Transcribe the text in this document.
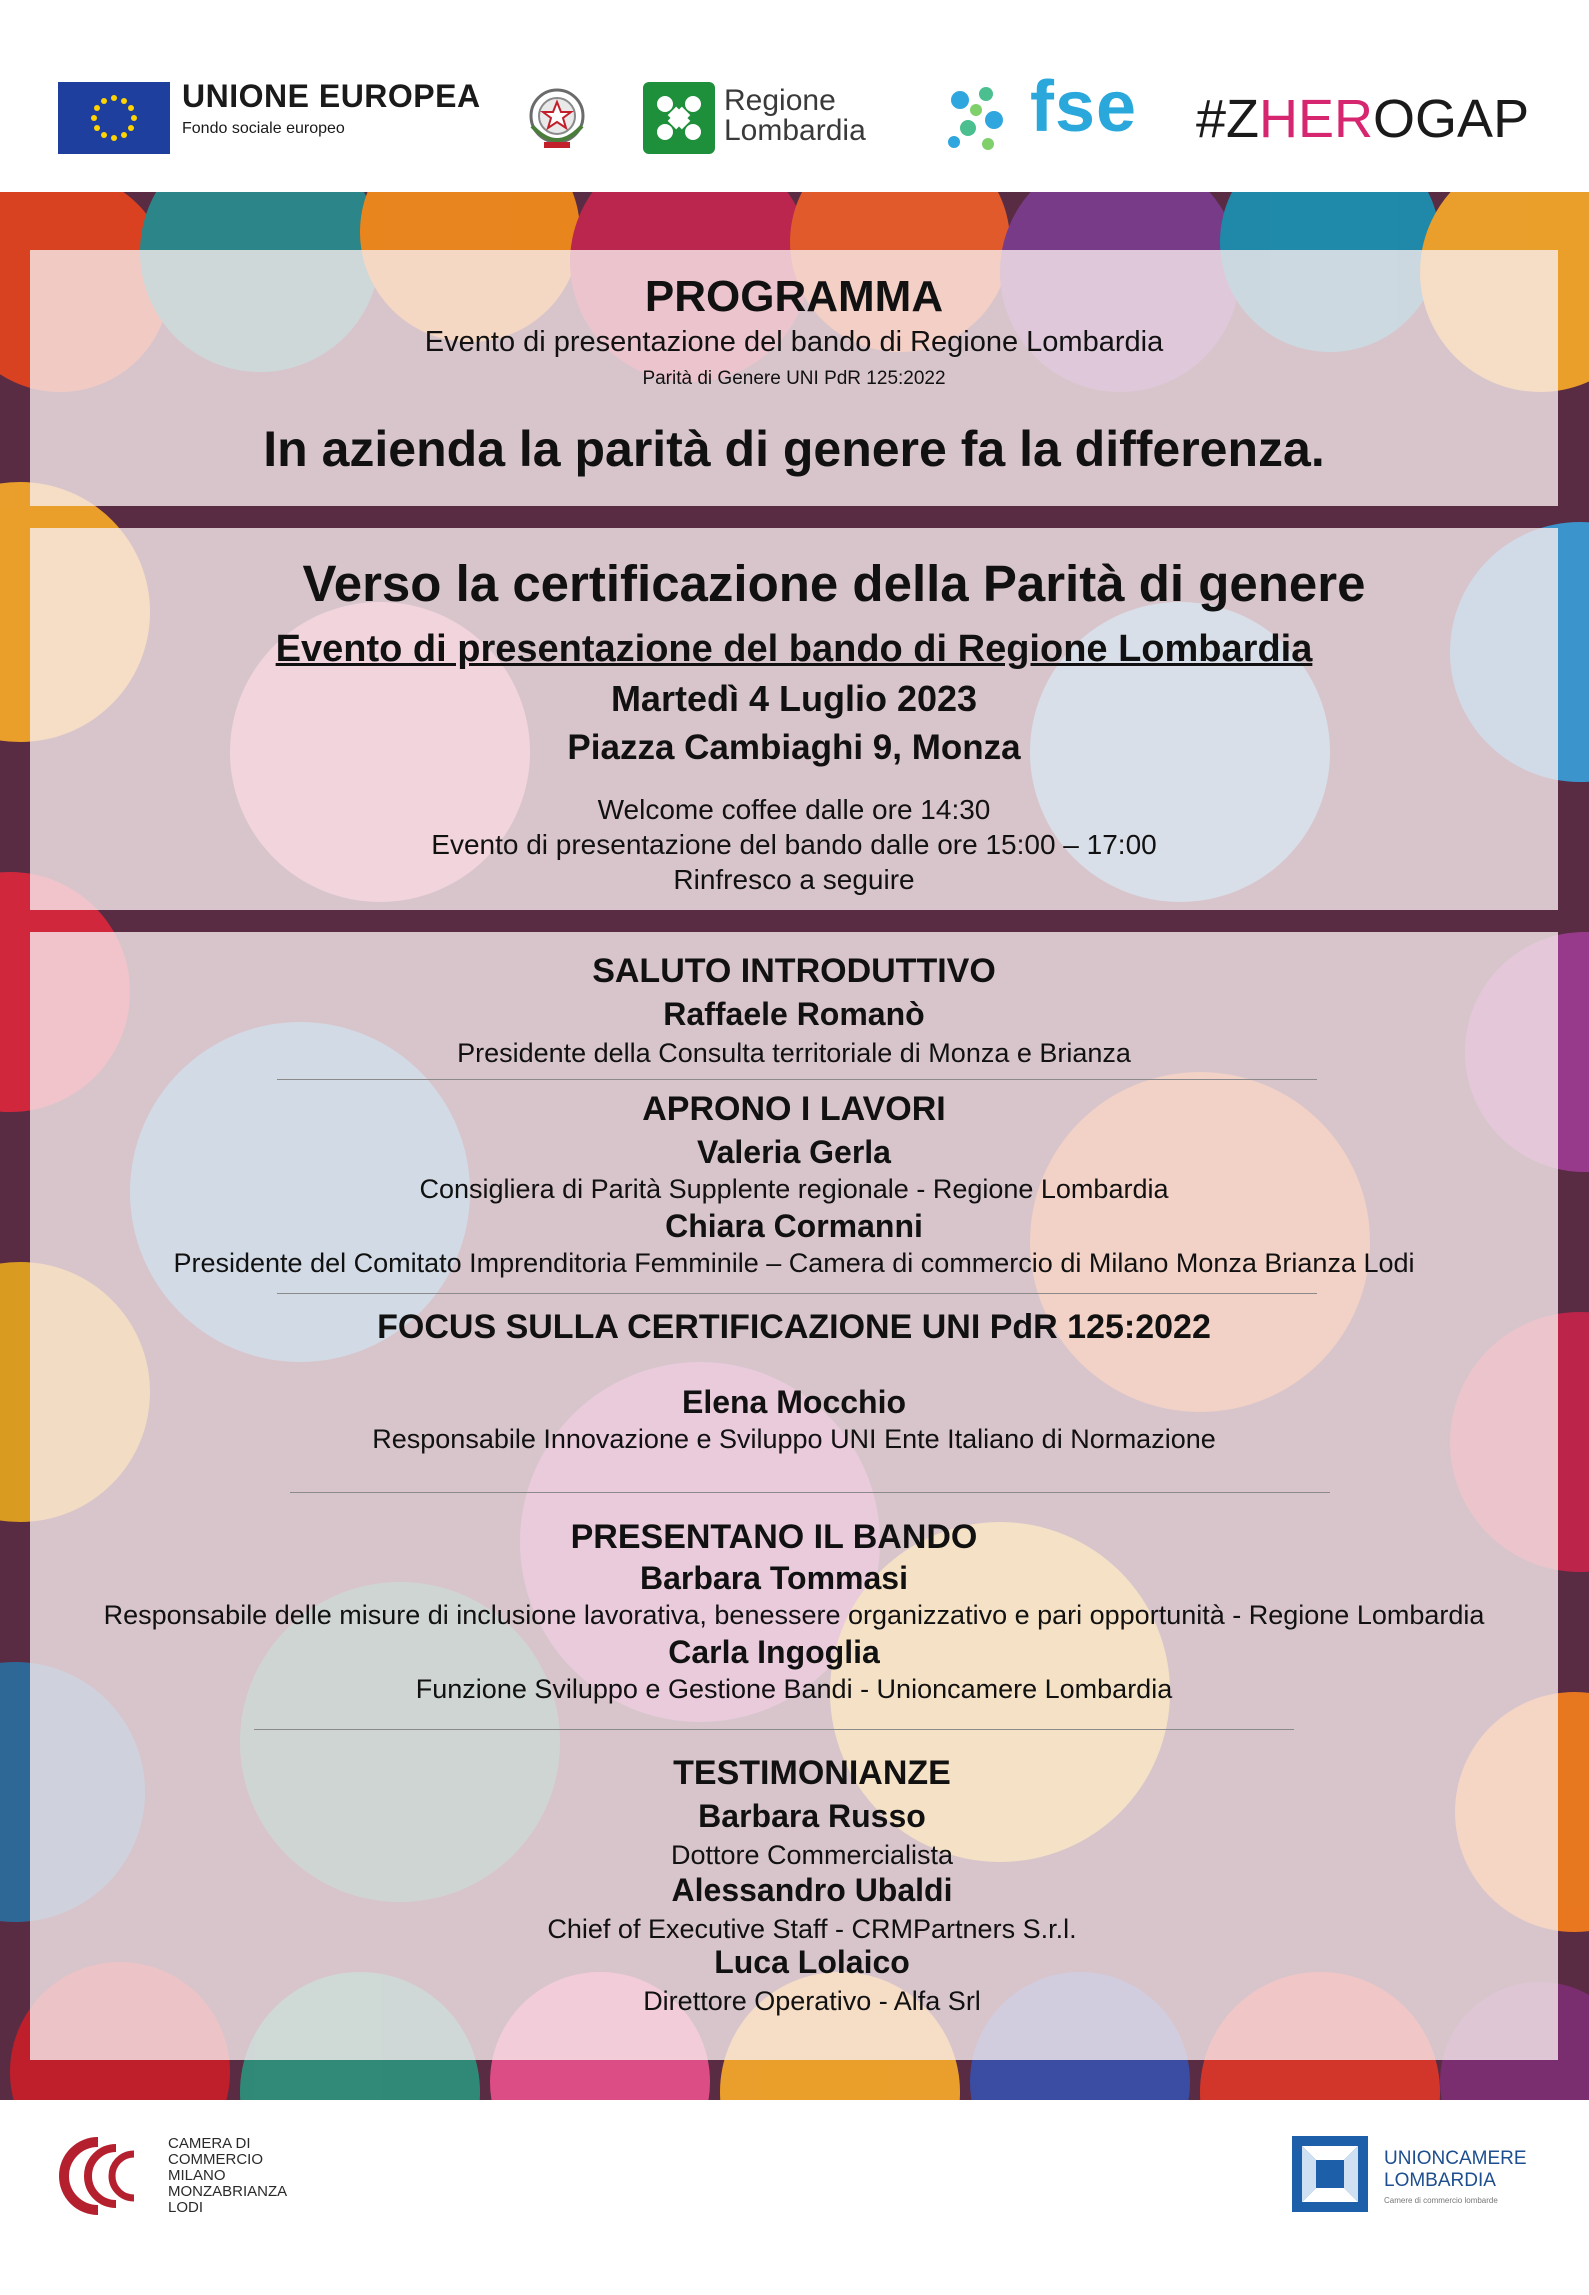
UNIONE EUROPEA
Fondo sociale europeo
Regione
Lombardia fse #ZHEROGAP
PROGRAMMA
Evento di presentazione del bando di Regione Lombardia
Parità di Genere UNI PdR 125:2022
In azienda la parità di genere fa la differenza.
Verso la certificazione della Parità di genere
Evento di presentazione del bando di Regione Lombardia
Martedì 4 Luglio 2023
Piazza Cambiaghi 9, Monza
Welcome coffee dalle ore 14:30
Evento di presentazione del bando dalle ore 15:00 – 17:00
Rinfresco a seguire
SALUTO INTRODUTTIVO
Raffaele Romanò
Presidente della Consulta territoriale di Monza e Brianza
APRONO I LAVORI
Valeria Gerla
Consigliera di Parità Supplente regionale - Regione Lombardia
Chiara Cormanni
Presidente del Comitato Imprenditoria Femminile – Camera di commercio di Milano Monza Brianza Lodi
FOCUS SULLA CERTIFICAZIONE UNI PdR 125:2022
Elena Mocchio
Responsabile Innovazione e Sviluppo UNI Ente Italiano di Normazione
PRESENTANO IL BANDO
Barbara Tommasi
Responsabile delle misure di inclusione lavorativa, benessere organizzativo e pari opportunità - Regione Lombardia
Carla Ingoglia
Funzione Sviluppo e Gestione Bandi - Unioncamere Lombardia
TESTIMONIANZE
Barbara Russo
Dottore Commercialista
Alessandro Ubaldi
Chief of Executive Staff - CRMPartners S.r.l.
Luca Lolaico
Direttore Operativo - Alfa Srl
CAMERA DI
COMMERCIO
MILANO
MONZABRIANZA
LODI
UNIONCAMERE
LOMBARDIA
Camere di commercio lombarde
